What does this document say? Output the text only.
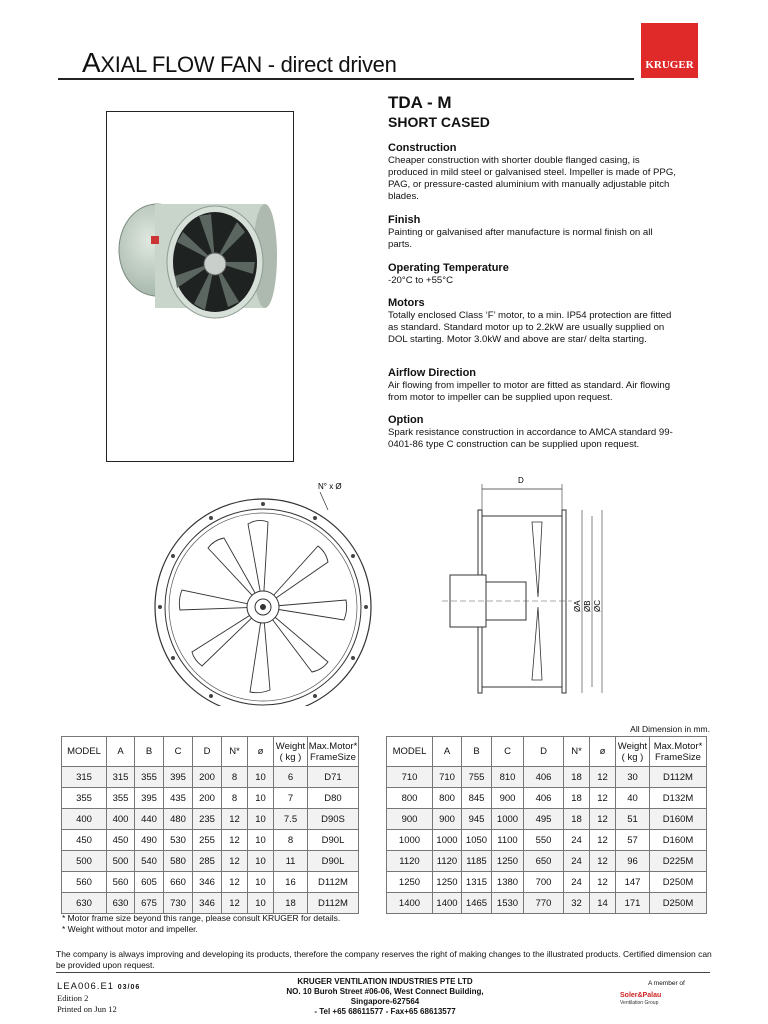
AXIAL FLOW FAN - direct driven	KRUGER
TDA - M
SHORT CASED
Construction

Cheaper construction with shorter double flanged casing, is produced in mild steel or galvanised steel. Impeller is made of PPG, PAG, or pressure-casted aluminium with manually adjustable pitch blades.

Finish

Painting or galvanised after manufacture is normal finish on all parts.

Operating Temperature

-20°C to +55°C

Motors

Totally enclosed Class ‘F’ motor, to a min. IP54 protection are fitted as standard. Standard motor up to 2.2kW are usually supplied on DOL starting. Motor 3.0kW and above are star/ delta starting.

Airflow Direction

Air flowing from impeller to motor are fitted as standard. Air flowing from motor to impeller can be supplied upon request.

Option

Spark resistance construction in accordance to AMCA standard 99-0401-86 type C construction can be supplied upon request.

N° x Ø
D
ØA ØB ØC
All Dimension in mm.
MODEL	A	B	C	D	N*	ø	Weight ( kg )	Max.Motor* FrameSize
315	315	355	395	200	8	10	6	D71
355	355	395	435	200	8	10	7	D80
400	400	440	480	235	12	10	7.5	D90S
450	450	490	530	255	12	10	8	D90L
500	500	540	580	285	12	10	11	D90L
560	560	605	660	346	12	10	16	D112M
630	630	675	730	346	12	10	18	D112M
MODEL	A	B	C	D	N*	ø	Weight ( kg )	Max.Motor* FrameSize
710	710	755	810	406	18	12	30	D112M
800	800	845	900	406	18	12	40	D132M
900	900	945	1000	495	18	12	51	D160M
1000	1000	1050	1100	550	24	12	57	D160M
1120	1120	1185	1250	650	24	12	96	D225M
1250	1250	1315	1380	700	24	12	147	D250M
1400	1400	1465	1530	770	32	14	171	D250M
* Motor frame size beyond this range, please consult KRUGER for details.
* Weight without motor and impeller.
The company is always improving and developing its products, therefore the company reserves the right of making changes to the illustrated products. Certified dimension can be provided upon request.
LEA006.E1 03/06
Edition 2
Printed on Jun 12
KRUGER VENTILATION INDUSTRIES PTE LTD
NO. 10 Buroh Street #06-06, West Connect Building,
Singapore-627564
- Tel +65 68611577 - Fax+65 68613577
A member of
Soler&Palau
Ventilation Group
